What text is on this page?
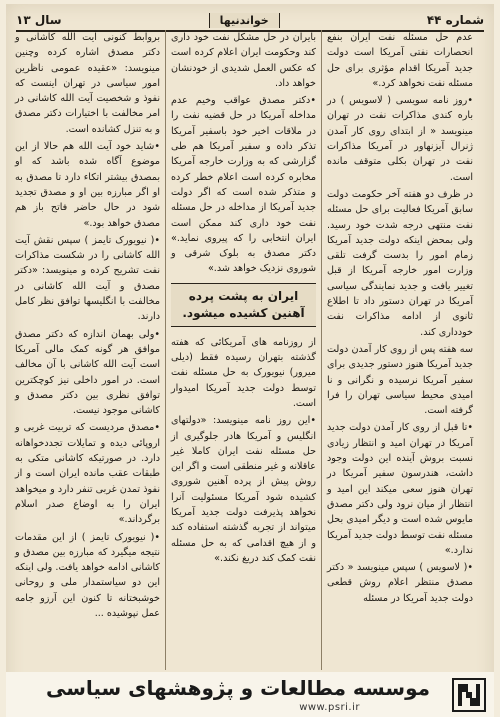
شماره ۴۴
خواندنیها
سال ۱۳

عدم حل مسئله نفت ایران بنفع انحصارات نفتی آمریکا است دولت جدید آمریکا اقدام مؤثری برای حل مسئله نفت نخواهد کرد.»

• روز نامه سویسی ( لاسویس ) در باره کندی مذاکرات نفت در تهران مینویسد « از ابتدای روی کار آمدن ژنرال آیزنهاور در آمریکا مذاکرات نفت در تهران بکلی متوقف مانده است.

در ظرف دو هفته آخر حکومت دولت سابق آمریکا فعالیت برای حل مسئله نفت منتهی درجه شدت خود رسید. ولی بمحض اینکه دولت جدید آمریکا زمام امور را بدست گرفت تلقی وزارت امور خارجه آمریکا از قبل تغییر یافت و جدید نمایندگی سیاسی آمریکا در تهران دستور داد تا اطلاع ثانوی از ادامه مذاکرات نفت خودداری کند.

سه هفته پس از روی کار آمدن دولت جدید آمریکا هنوز دستور جدیدی برای سفیر آمریکا نرسیده و نگرانی و نا امیدی محیط سیاسی تهران را فرا گرفته است.

• تا قبل از روی کار آمدن دولت جدید آمریکا در تهران امید و انتظار زیادی نسبت بروش آینده این دولت وجود داشت، هندرسون سفیر آمریکا در تهران هنوز سعی میکند این امید و انتظار از میان نرود ولی دکتر مصدق مایوس شده است و دیگر امیدی بحل مسئله نفت توسط دولت جدید آمریکا ندارد.»

• ( لاسویس ) سپس مینویسد « دکتر مصدق منتظر اعلام روش قطعی دولت جدید آمریکا در مسئله

بایران در حل مشکل نفت خود داری کند وحکومت ایران اعلام کرده است که عکس العمل شدیدی از خودنشان خواهد داد.

• دکتر مصدق عواقب وخیم عدم مداخله آمریکا در حل قضیه نفت را در ملاقات اخیر خود باسفیر آمریکا تذکر داده و سفیر آمریکا هم طی گزارشی که به وزارت خارجه آمریکا مخابره کرده است اعلام خطر کرده و متذکر شده است که اگر دولت جدید آمریکا از مداخله در حل مسئله نفت خود داری کند ممکن است ایران انتخابی را که پیروی نماید.» دکتر مصدق به بلوک شرقی و شوروی نزدیک خواهد شد.»

ایران به پشت پرده آهنین کشیده میشود.

از روزنامه های آمریکائی که هفته گذشته بتهران رسیده فقط (دیلی میرور) نیویورک به حل مسئله نفت توسط دولت جدید آمریکا امیدوار است.

• این روز نامه مینویسد: «دولتهای انگلیس و آمریکا هادر جلوگیری از حل مسئله نفت ایران کاملا غیر عاقلانه و غیر منطقی است و اگر این روش پیش از پرده آهنین شوروی کشیده شود آمریکا مسئولیت آنرا نخواهد پذیرفت دولت جدید آمریکا میتواند از تجربه گذشته استفاده کند و از هیچ اقدامی که به حل مسئله نفت کمک کند دریغ نکند.»

بروابط کنونی آیت الله کاشانی و دکتر مصدق اشاره کرده وچنین مینویسد: «عقیده عمومی ناظرین امور سیاسی در تهران اینست که نفوذ و شخصیت آیت الله کاشانی در امر مخالفت با اختیارات دکتر مصدق و به تنزل کشانده است.

• شاید خود آیت الله هم حالا از این موضوع آگاه شده باشد که او بمصدق بیشتر اتکاء دارد تا مصدق به او اگر مبارزه بین او و مصدق تجدید شود در حال حاضر فاتح باز هم مصدق خواهد بود.»

• ( نیویورک تایمز ) سپس نقش آیت الله کاشانی را در شکست مذاکرات نفت تشریح کرده و مینویسد: «دکتر مصدق و آیت الله کاشانی در مخالفت با انگلیسها توافق نظر کامل دارند.

• ولی بهمان اندازه که دکتر مصدق موافق هر گونه کمک مالی آمریکا است آیت الله کاشانی با آن مخالف است. در امور داخلی نیز کوچکترین توافق نظری بین دکتر مصدق و کاشانی موجود نیست.

• مصدق مردیست که تربیت غربی و اروپائی دیده و تمایلات تجددخواهانه دارد. در صورتیکه کاشانی متکی به طبقات عقب مانده ایران است و از نفوذ تمدن غربی تنفر دارد و میخواهد ایران را به اوضاع صدر اسلام برگرداند.»

• ( نیویورک تایمز ) از این مقدمات نتیجه میگیرد که مبارزه بین مصدق و کاشانی ادامه خواهد یافت. ولی اینکه این دو سیاستمدار ملی و روحانی خوشبختانه تا کنون این آرزو جامه عمل نپوشیده ...

موسسه مطالعات و پژوهشهای سیاسی
www.psri.ir
